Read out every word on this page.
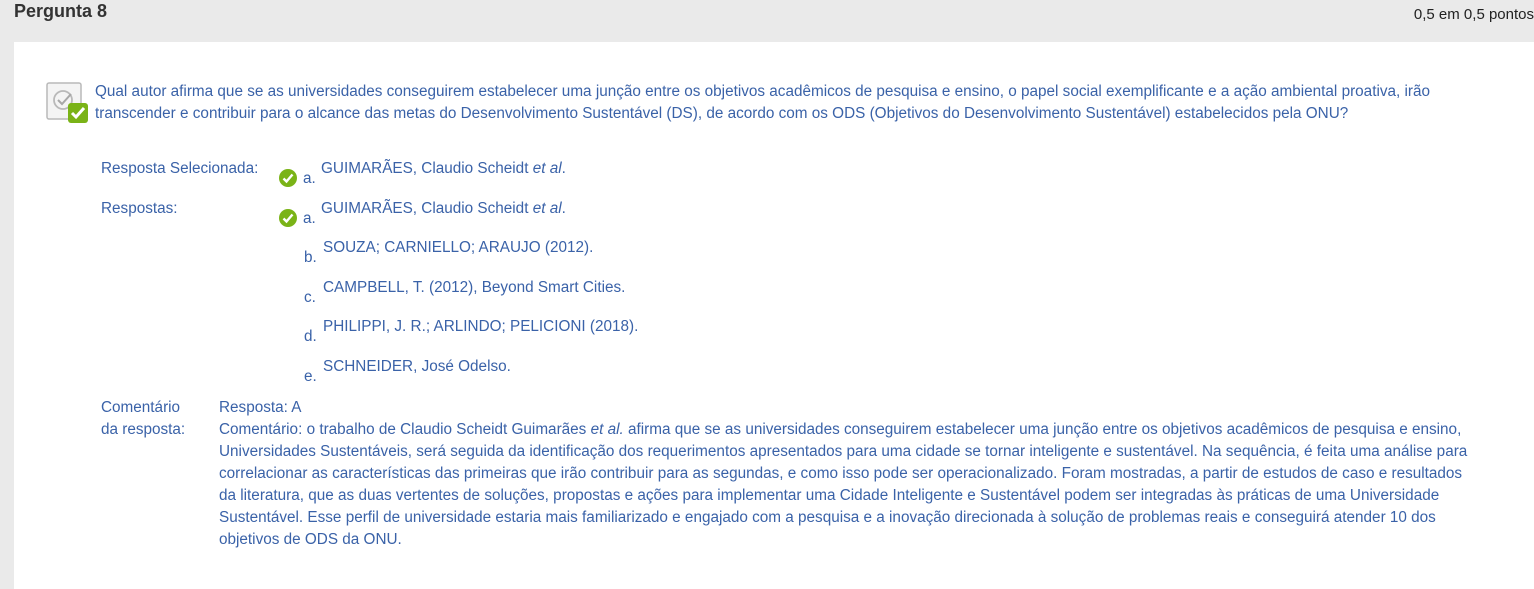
Pergunta 8	0,5 em 0,5 pontos
Qual autor afirma que se as universidades conseguirem estabelecer uma junção entre os objetivos acadêmicos de pesquisa e ensino, o papel social exemplificante e a ação ambiental proativa, irão transcender e contribuir para o alcance das metas do Desenvolvimento Sustentável (DS), de acordo com os ODS (Objetivos do Desenvolvimento Sustentável) estabelecidos pela ONU?
Resposta Selecionada:
a.
GUIMARÃES, Claudio Scheidt et al.
Respostas:
a.
GUIMARÃES, Claudio Scheidt et al.
b.
SOUZA; CARNIELLO; ARAUJO (2012).
c.
CAMPBELL, T. (2012), Beyond Smart Cities.
d.
PHILIPPI, J. R.; ARLINDO; PELICIONI (2018).
e.
SCHNEIDER, José Odelso.
Comentário
da resposta:
Resposta: A
Comentário: o trabalho de Claudio Scheidt Guimarães et al. afirma que se as universidades conseguirem estabelecer uma junção entre os objetivos acadêmicos de pesquisa e ensino, Universidades Sustentáveis, será seguida da identificação dos requerimentos apresentados para uma cidade se tornar inteligente e sustentável. Na sequência, é feita uma análise para correlacionar as características das primeiras que irão contribuir para as segundas, e como isso pode ser operacionalizado. Foram mostradas, a partir de estudos de caso e resultados da literatura, que as duas vertentes de soluções, propostas e ações para implementar uma Cidade Inteligente e Sustentável podem ser integradas às práticas de uma Universidade Sustentável. Esse perfil de universidade estaria mais familiarizado e engajado com a pesquisa e a inovação direcionada à solução de problemas reais e conseguirá atender 10 dos objetivos de ODS da ONU.
